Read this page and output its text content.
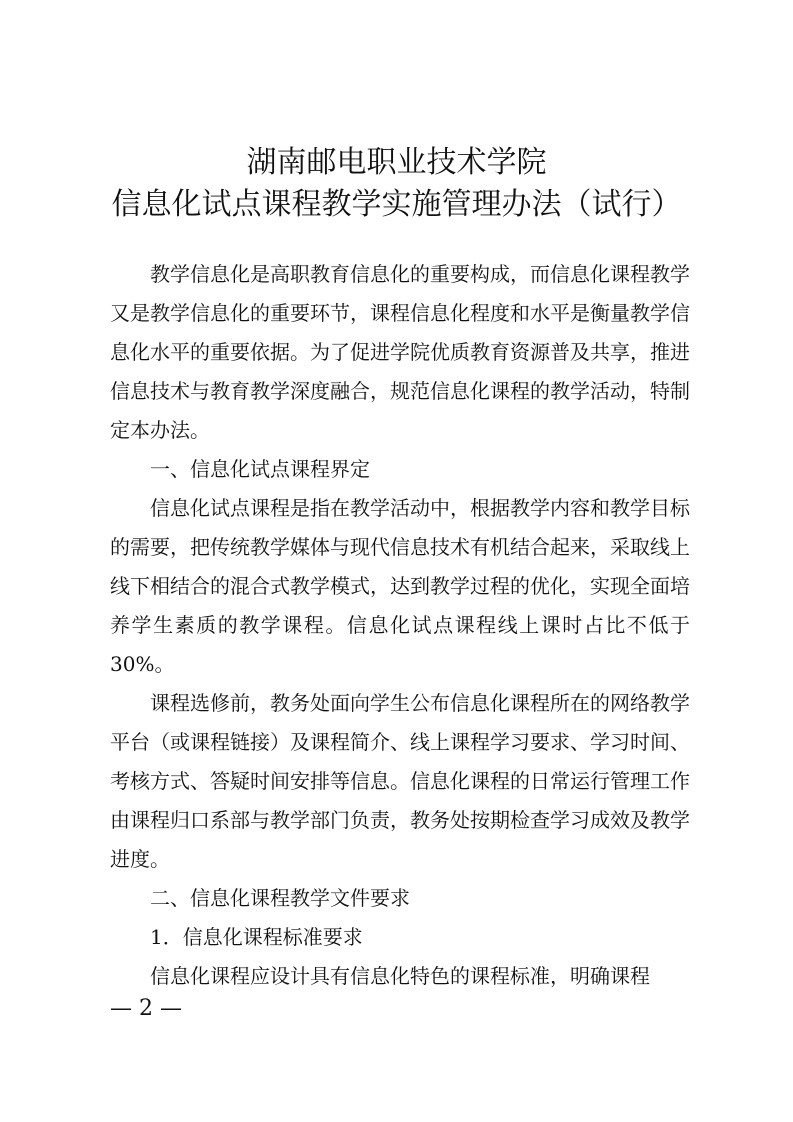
湖南邮电职业技术学院
信息化试点课程教学实施管理办法（试行）

教学信息化是高职教育信息化的重要构成，而信息化课程教学又是教学信息化的重要环节，课程信息化程度和水平是衡量教学信息化水平的重要依据。为了促进学院优质教育资源普及共享，推进信息技术与教育教学深度融合，规范信息化课程的教学活动，特制定本办法。

一、信息化试点课程界定

信息化试点课程是指在教学活动中，根据教学内容和教学目标的需要，把传统教学媒体与现代信息技术有机结合起来，采取线上线下相结合的混合式教学模式，达到教学过程的优化，实现全面培养学生素质的教学课程。信息化试点课程线上课时占比不低于 30%。

课程选修前，教务处面向学生公布信息化课程所在的网络教学平台（或课程链接）及课程简介、线上课程学习要求、学习时间、考核方式、答疑时间安排等信息。信息化课程的日常运行管理工作由课程归口系部与教学部门负责，教务处按期检查学习成效及教学进度。

二、信息化课程教学文件要求

1．信息化课程标准要求

信息化课程应设计具有信息化特色的课程标准，明确课程

— 2 —
